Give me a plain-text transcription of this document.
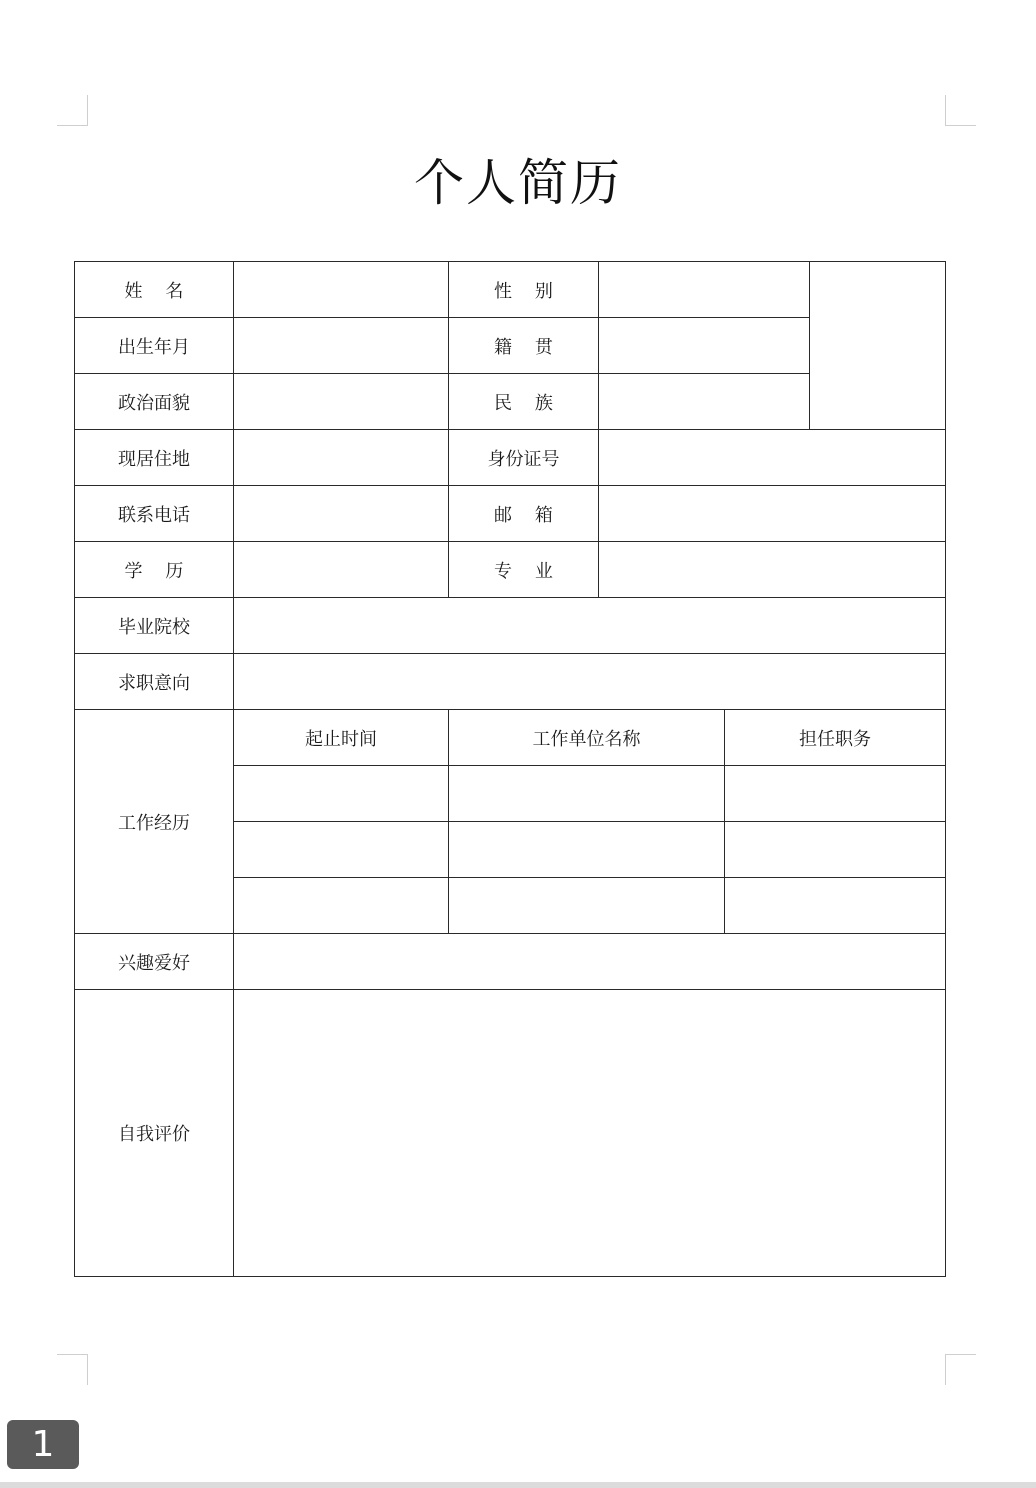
个人简历
姓    名		性    别			
出生年月		籍    贯			
政治面貌		民    族			
现居住地		身份证号			
联系电话		邮    箱			
学    历		专    业			
毕业院校					
求职意向					
工作经历	起止时间	工作单位名称		担任职务	

兴趣爱好					
自我评价					
1
